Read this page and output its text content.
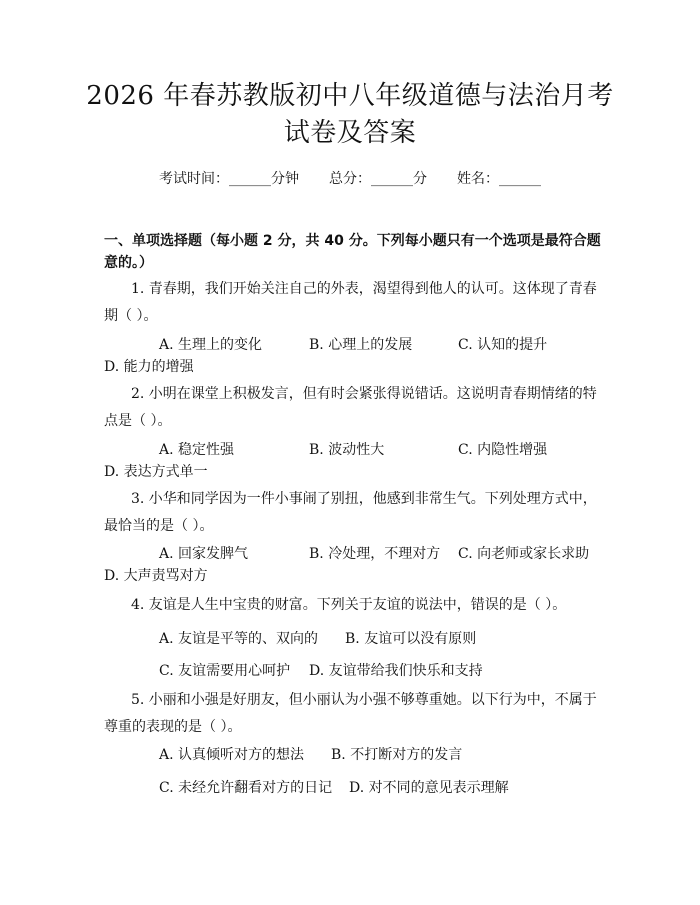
2026 年春苏教版初中八年级道德与法治月考
试卷及答案
考试时间：______分钟 总分：______分 姓名：______
一、单项选择题（每小题 2 分，共 40 分。下列每小题只有一个选项是最符合题意的。）
1. 青春期，我们开始关注自己的外表，渴望得到他人的认可。这体现了青春期（ ）。
A. 生理上的变化	B. 心理上的发展	C. 认知的提升
D. 能力的增强
2. 小明在课堂上积极发言，但有时会紧张得说错话。这说明青春期情绪的特点是（ ）。
A. 稳定性强	B. 波动性大	C. 内隐性增强
D. 表达方式单一
3. 小华和同学因为一件小事闹了别扭，他感到非常生气。下列处理方式中，最恰当的是（ ）。
A. 回家发脾气	B. 冷处理，不理对方 C. 向老师或家长求助
D. 大声责骂对方
4. 友谊是人生中宝贵的财富。下列关于友谊的说法中，错误的是（ ）。
A. 友谊是平等的、双向的 B. 友谊可以没有原则
C. 友谊需要用心呵护 D. 友谊带给我们快乐和支持
5. 小丽和小强是好朋友，但小丽认为小强不够尊重她。以下行为中，不属于尊重的表现的是（ ）。
A. 认真倾听对方的想法 B. 不打断对方的发言
C. 未经允许翻看对方的日记 D. 对不同的意见表示理解
